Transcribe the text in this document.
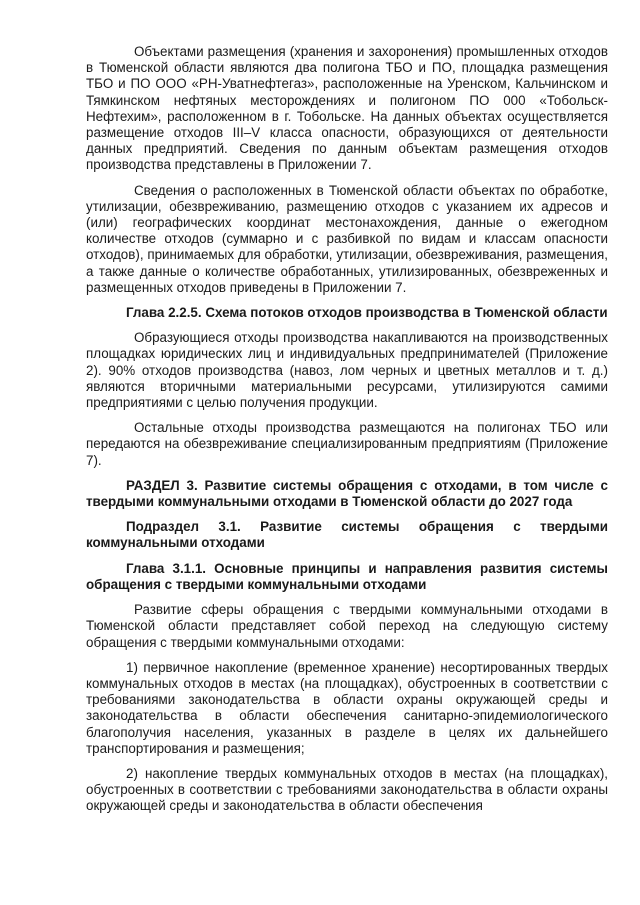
Объектами размещения (хранения и захоронения) промышленных отходов в Тюменской области являются два полигона ТБО и ПО, площадка размещения ТБО и ПО ООО «РН-Уватнефтегаз», расположенные на Уренском, Кальчинском и Тямкинском нефтяных месторождениях и полигоном ПО 000 «Тобольск-Нефтехим», расположенном в г. Тобольске. На данных объектах осуществляется размещение отходов III–V класса опасности, образующихся от деятельности данных предприятий. Сведения по данным объектам размещения отходов производства представлены в Приложении 7.

Сведения о расположенных в Тюменской области объектах по обработке, утилизации, обезвреживанию, размещению отходов с указанием их адресов и (или) географических координат местонахождения, данные о ежегодном количестве отходов (суммарно и с разбивкой по видам и классам опасности отходов), принимаемых для обработки, утилизации, обезвреживания, размещения, а также данные о количестве обработанных, утилизированных, обезвреженных и размещенных отходов приведены в Приложении 7.

Глава 2.2.5. Схема потоков отходов производства в Тюменской области

Образующиеся отходы производства накапливаются на производственных площадках юридических лиц и индивидуальных предпринимателей (Приложение 2). 90% отходов производства (навоз, лом черных и цветных металлов и т. д.) являются вторичными материальными ресурсами, утилизируются самими предприятиями с целью получения продукции.

Остальные отходы производства размещаются на полигонах ТБО или передаются на обезвреживание специализированным предприятиям (Приложение 7).

РАЗДЕЛ 3. Развитие системы обращения с отходами, в том числе с твердыми коммунальными отходами в Тюменской области до 2027 года

Подраздел 3.1. Развитие системы обращения с твердыми коммунальными отходами

Глава 3.1.1. Основные принципы и направления развития системы обращения с твердыми коммунальными отходами

Развитие сферы обращения с твердыми коммунальными отходами в Тюменской области представляет собой переход на следующую систему обращения с твердыми коммунальными отходами:

1) первичное накопление (временное хранение) несортированных твердых коммунальных отходов в местах (на площадках), обустроенных в соответствии с требованиями законодательства в области охраны окружающей среды и законодательства в области обеспечения санитарно-эпидемиологического благополучия населения, указанных в разделе в целях их дальнейшего транспортирования и размещения;

2) накопление твердых коммунальных отходов в местах (на площадках), обустроенных в соответствии с требованиями законодательства в области охраны окружающей среды и законодательства в области обеспечения
